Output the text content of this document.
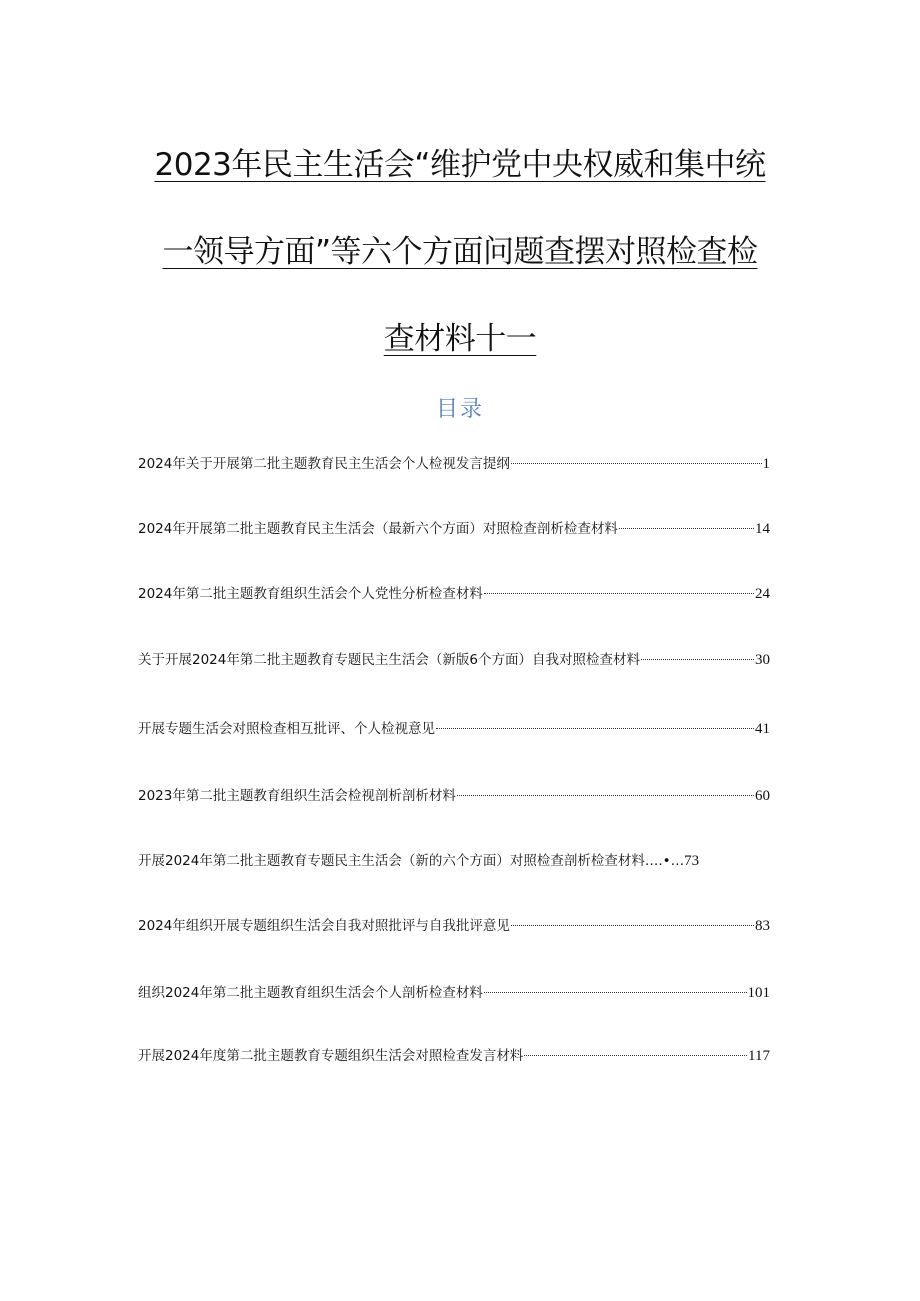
2023年民主生活会“维护党中央权威和集中统
一领导方面”等六个方面问题查摆对照检查检
查材料十一
目录
2024年关于开展第二批主题教育民主生活会个人检视发言提纲	1
2024年开展第二批主题教育民主生活会（最新六个方面）对照检查剖析检查材料	14
2024年第二批主题教育组织生活会个人党性分析检查材料	24
关于开展2024年第二批主题教育专题民主生活会（新版6个方面）自我对照检查材料	30
开展专题生活会对照检查相互批评、个人检视意见	41
2023年第二批主题教育组织生活会检视剖析剖析材料	60
开展2024年第二批主题教育专题民主生活会（新的六个方面）对照检查剖析检查材料….•… 73
2024年组织开展专题组织生活会自我对照批评与自我批评意见	83
组织2024年第二批主题教育组织生活会个人剖析检查材料	101
开展2024年度第二批主题教育专题组织生活会对照检查发言材料	117
